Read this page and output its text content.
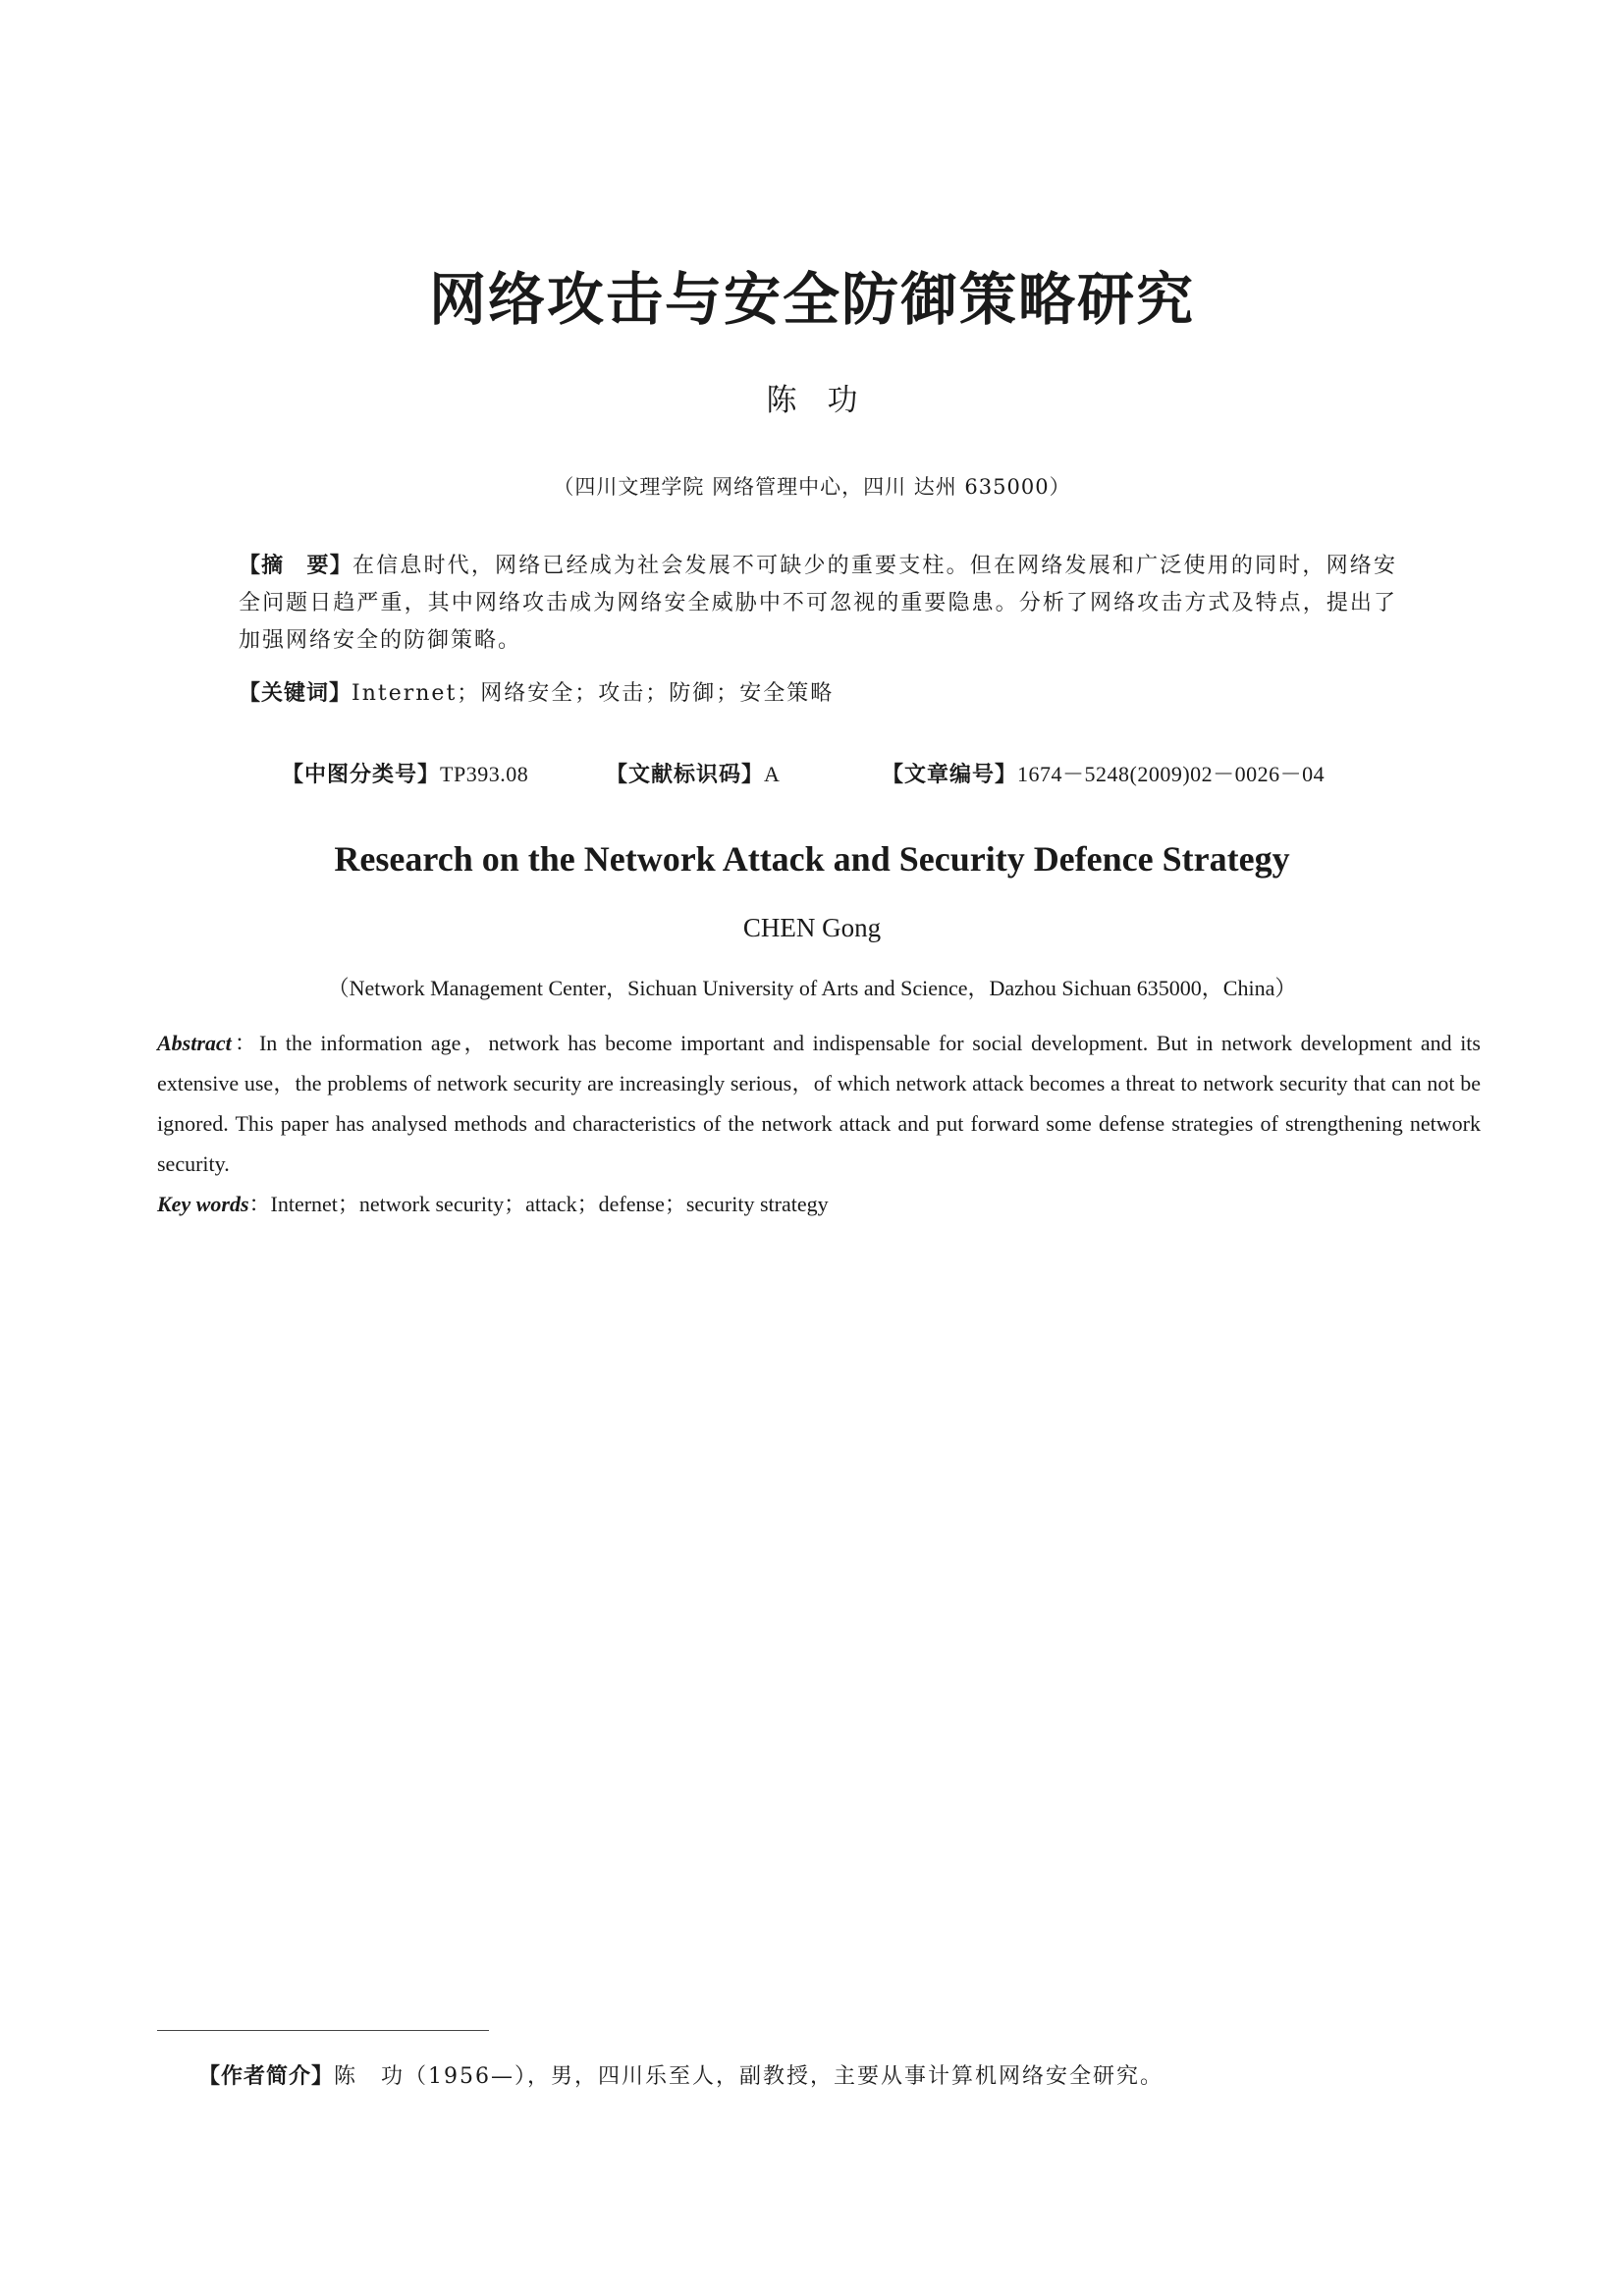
网络攻击与安全防御策略研究
陈　功
（四川文理学院 网络管理中心，四川 达州 635000）
【摘　要】在信息时代，网络已经成为社会发展不可缺少的重要支柱。但在网络发展和广泛使用的同时，网络安全问题日趋严重，其中网络攻击成为网络安全威胁中不可忽视的重要隐患。分析了网络攻击方式及特点，提出了加强网络安全的防御策略。
【关键词】Internet；网络安全；攻击；防御；安全策略
【中图分类号】TP393.08	【文献标识码】A	【文章编号】1674－5248(2009)02－0026－04
Research on the Network Attack and Security Defence Strategy
CHEN Gong
（Network Management Center，Sichuan University of Arts and Science，Dazhou Sichuan 635000，China）
Abstract：In the information age，network has become important and indispensable for social development. But in network development and its extensive use，the problems of network security are increasingly serious，of which network attack becomes a threat to network security that can not be ignored. This paper has analysed methods and characteristics of the network attack and put forward some defense strategies of strengthening network security.
Key words：Internet；network security；attack；defense；security strategy
【作者简介】陈　功（1956—），男，四川乐至人，副教授，主要从事计算机网络安全研究。
